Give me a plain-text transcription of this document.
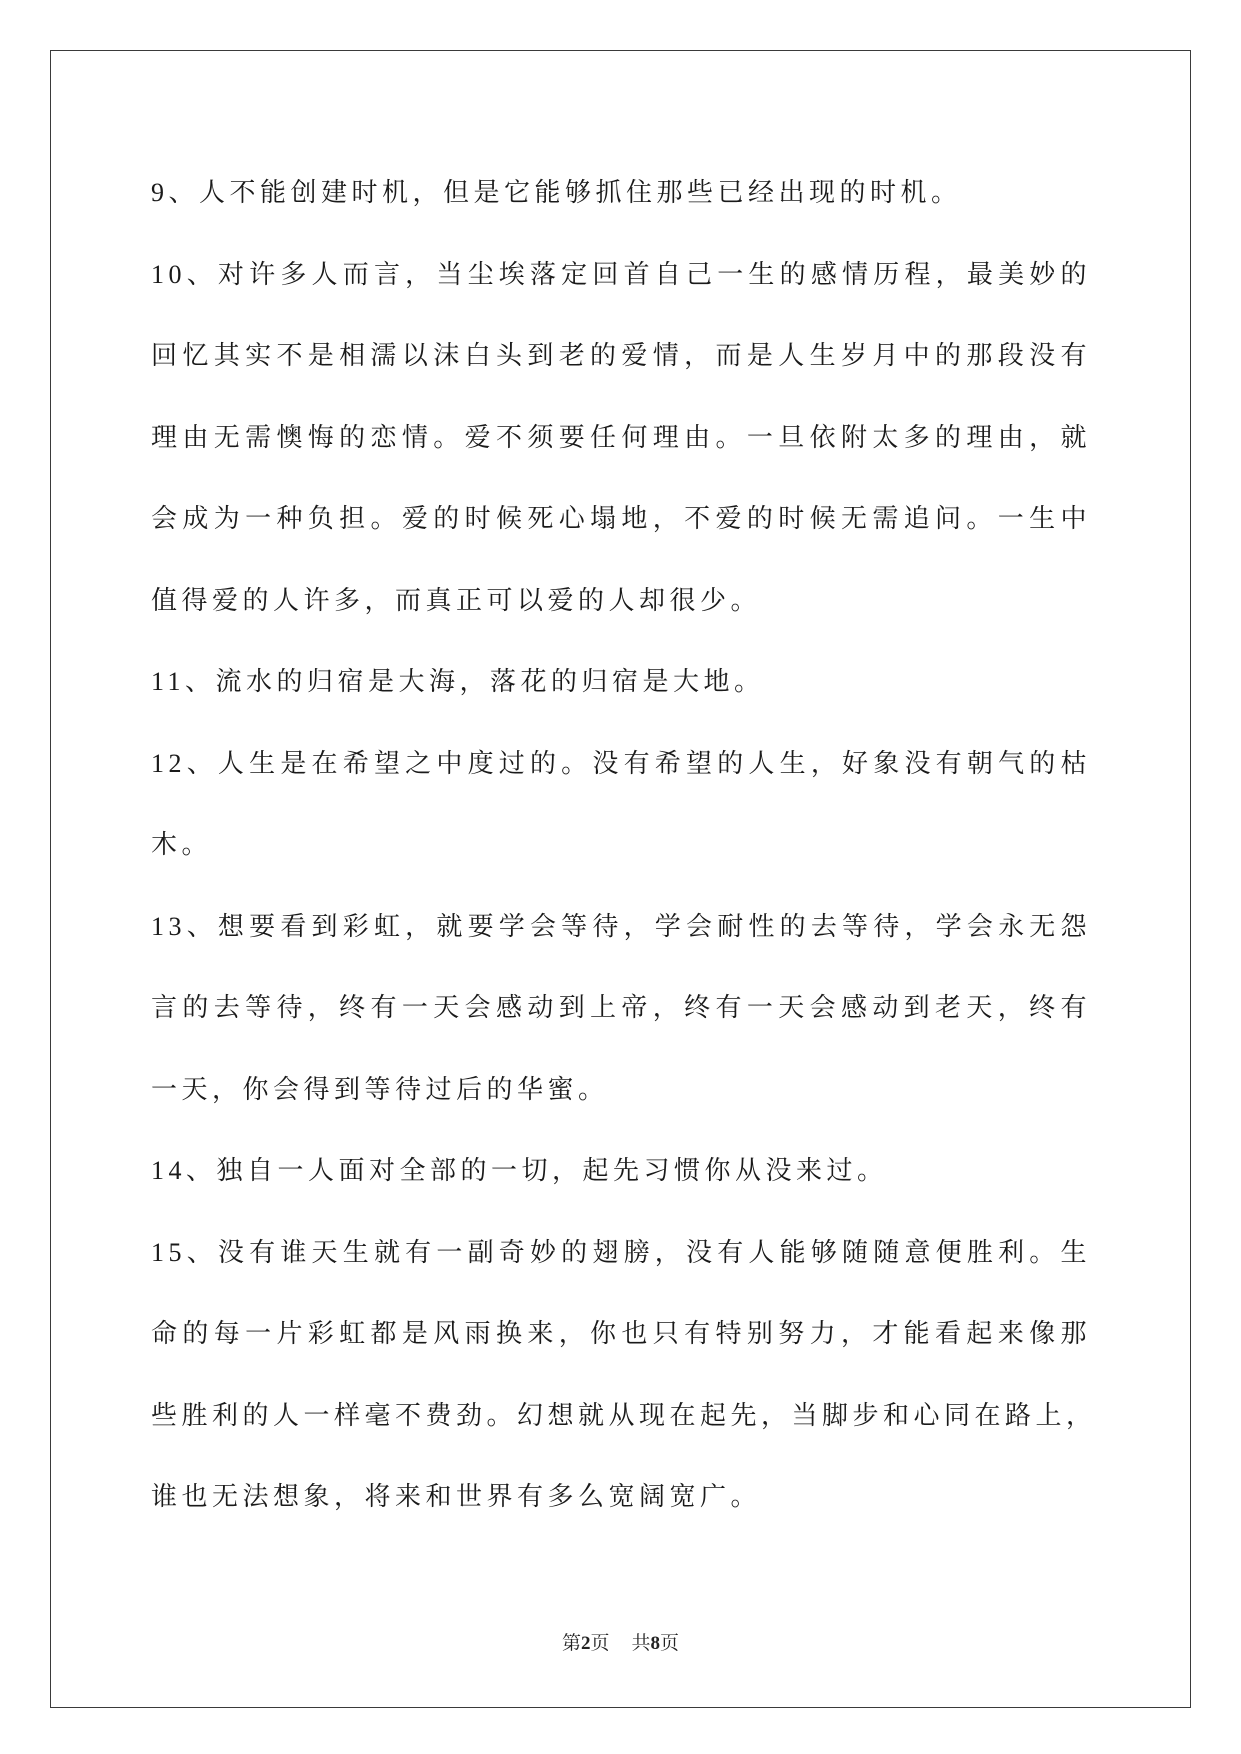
9、人不能创建时机，但是它能够抓住那些已经出现的时机。
10、对许多人而言，当尘埃落定回首自己一生的感情历程，最美妙的
回忆其实不是相濡以沫白头到老的爱情，而是人生岁月中的那段没有
理由无需懊悔的恋情。爱不须要任何理由。一旦依附太多的理由，就
会成为一种负担。爱的时候死心塌地，不爱的时候无需追问。一生中
值得爱的人许多，而真正可以爱的人却很少。
11、流水的归宿是大海，落花的归宿是大地。
12、人生是在希望之中度过的。没有希望的人生，好象没有朝气的枯
木。
13、想要看到彩虹，就要学会等待，学会耐性的去等待，学会永无怨
言的去等待，终有一天会感动到上帝，终有一天会感动到老天，终有
一天，你会得到等待过后的华蜜。
14、独自一人面对全部的一切，起先习惯你从没来过。
15、没有谁天生就有一副奇妙的翅膀，没有人能够随随意便胜利。生
命的每一片彩虹都是风雨换来，你也只有特别努力，才能看起来像那
些胜利的人一样毫不费劲。幻想就从现在起先，当脚步和心同在路上，
谁也无法想象，将来和世界有多么宽阔宽广。
第2页 共8页
